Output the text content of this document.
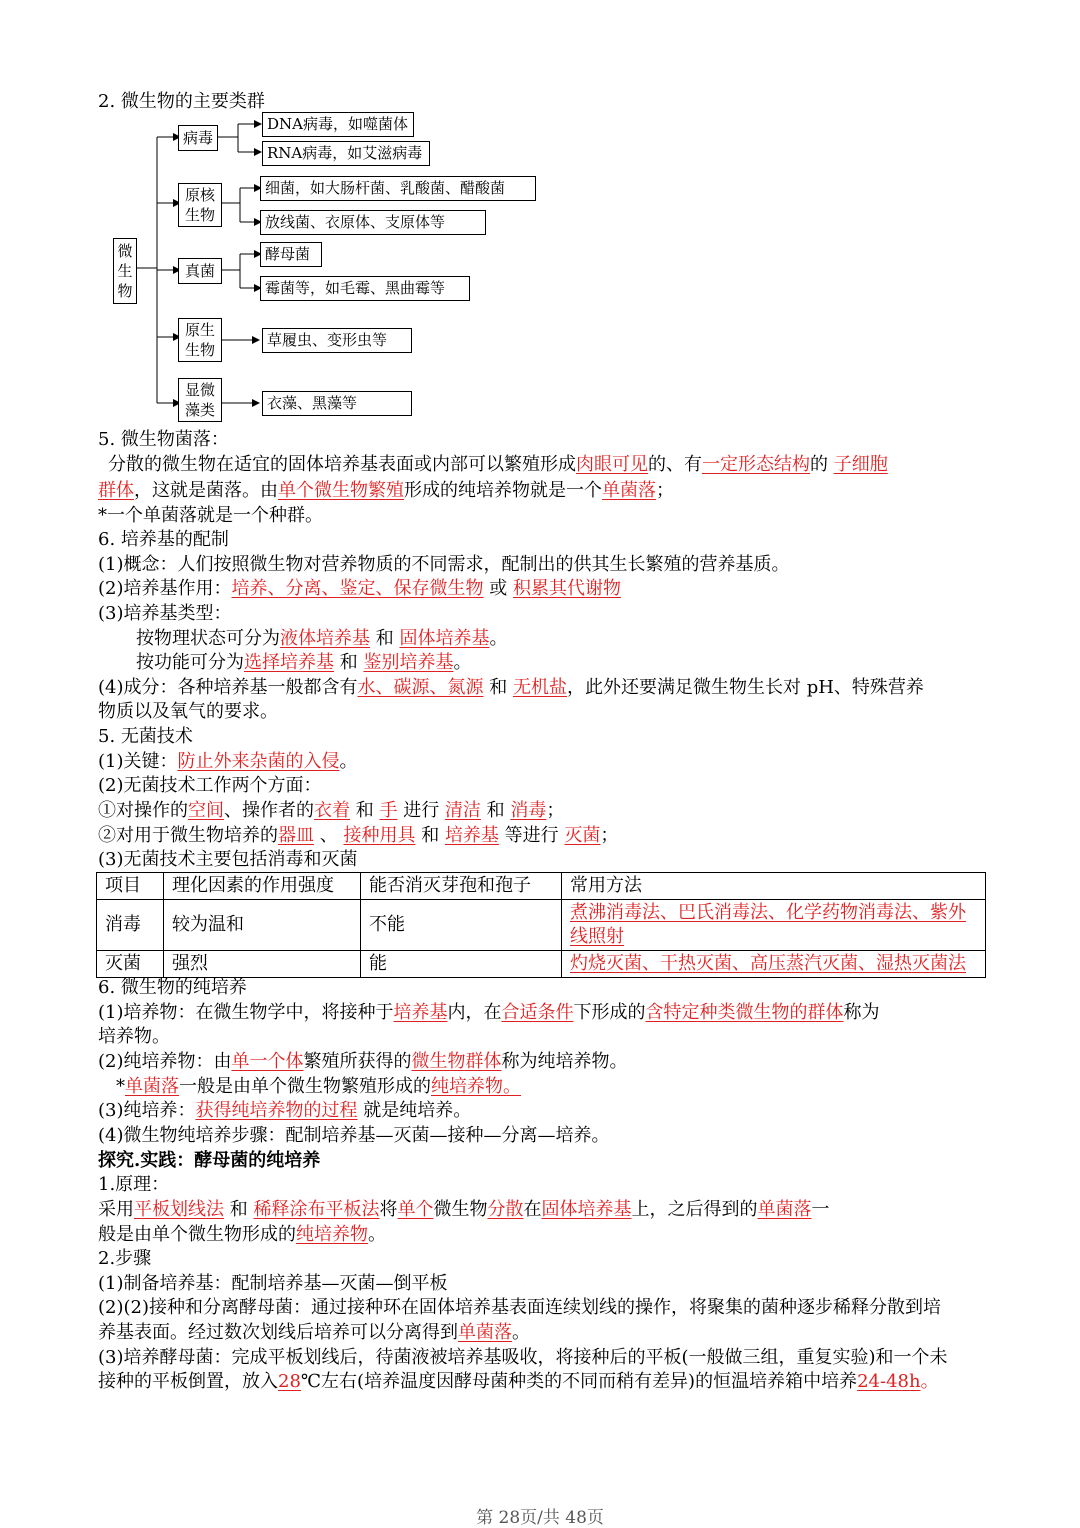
2. 微生物的主要类群
微生物
病毒
原核生物
真菌
原生生物
显微藻类
DNA病毒，如噬菌体
RNA病毒，如艾滋病毒
细菌，如大肠杆菌、乳酸菌、醋酸菌
放线菌、衣原体、支原体等
酵母菌
霉菌等，如毛霉、黑曲霉等
草履虫、变形虫等
衣藻、黑藻等
5. 微生物菌落：
分散的微生物在适宜的固体培养基表面或内部可以繁殖形成肉眼可见的、有一定形态结构的 子细胞
群体，这就是菌落。由单个微生物繁殖形成的纯培养物就是一个单菌落；
*一个单菌落就是一个种群。
6. 培养基的配制
(1)概念：人们按照微生物对营养物质的不同需求，配制出的供其生长繁殖的营养基质。
(2)培养基作用：培养、分离、鉴定、保存微生物 或 积累其代谢物
(3)培养基类型：
按物理状态可分为液体培养基 和 固体培养基。
按功能可分为选择培养基 和 鉴别培养基。
(4)成分：各种培养基一般都含有水、碳源、氮源 和 无机盐，此外还要满足微生物生长对 pH、特殊营养
物质以及氧气的要求。
5. 无菌技术
(1)关键：防止外来杂菌的入侵。
(2)无菌技术工作两个方面：
①对操作的空间、操作者的衣着 和 手 进行 清洁 和 消毒；
②对用于微生物培养的器皿 、 接种用具 和 培养基 等进行 灭菌；
(3)无菌技术主要包括消毒和灭菌
项目	理化因素的作用强度	能否消灭芽孢和孢子	常用方法
消毒	较为温和	不能	煮沸消毒法、巴氏消毒法、化学药物消毒法、紫外
线照射
灭菌	强烈	能	灼烧灭菌、干热灭菌、高压蒸汽灭菌、湿热灭菌法
6. 微生物的纯培养
(1)培养物：在微生物学中，将接种于培养基内，在合适条件下形成的含特定种类微生物的群体称为
培养物。
(2)纯培养物：由单一个体繁殖所获得的微生物群体称为纯培养物。
*单菌落一般是由单个微生物繁殖形成的纯培养物。
(3)纯培养：获得纯培养物的过程 就是纯培养。
(4)微生物纯培养步骤：配制培养基—灭菌—接种—分离—培养。
探究.实践：酵母菌的纯培养
1.原理：
采用平板划线法 和 稀释涂布平板法将单个微生物分散在固体培养基上，之后得到的单菌落一
般是由单个微生物形成的纯培养物。
2.步骤
(1)制备培养基：配制培养基—灭菌—倒平板
(2)(2)接种和分离酵母菌：通过接种环在固体培养基表面连续划线的操作，将聚集的菌种逐步稀释分散到培
养基表面。经过数次划线后培养可以分离得到单菌落。
(3)培养酵母菌：完成平板划线后，待菌液被培养基吸收，将接种后的平板(一般做三组，重复实验)和一个未
接种的平板倒置，放入28℃左右(培养温度因酵母菌种类的不同而稍有差异)的恒温培养箱中培养24-48h。
第 28页/共 48页
